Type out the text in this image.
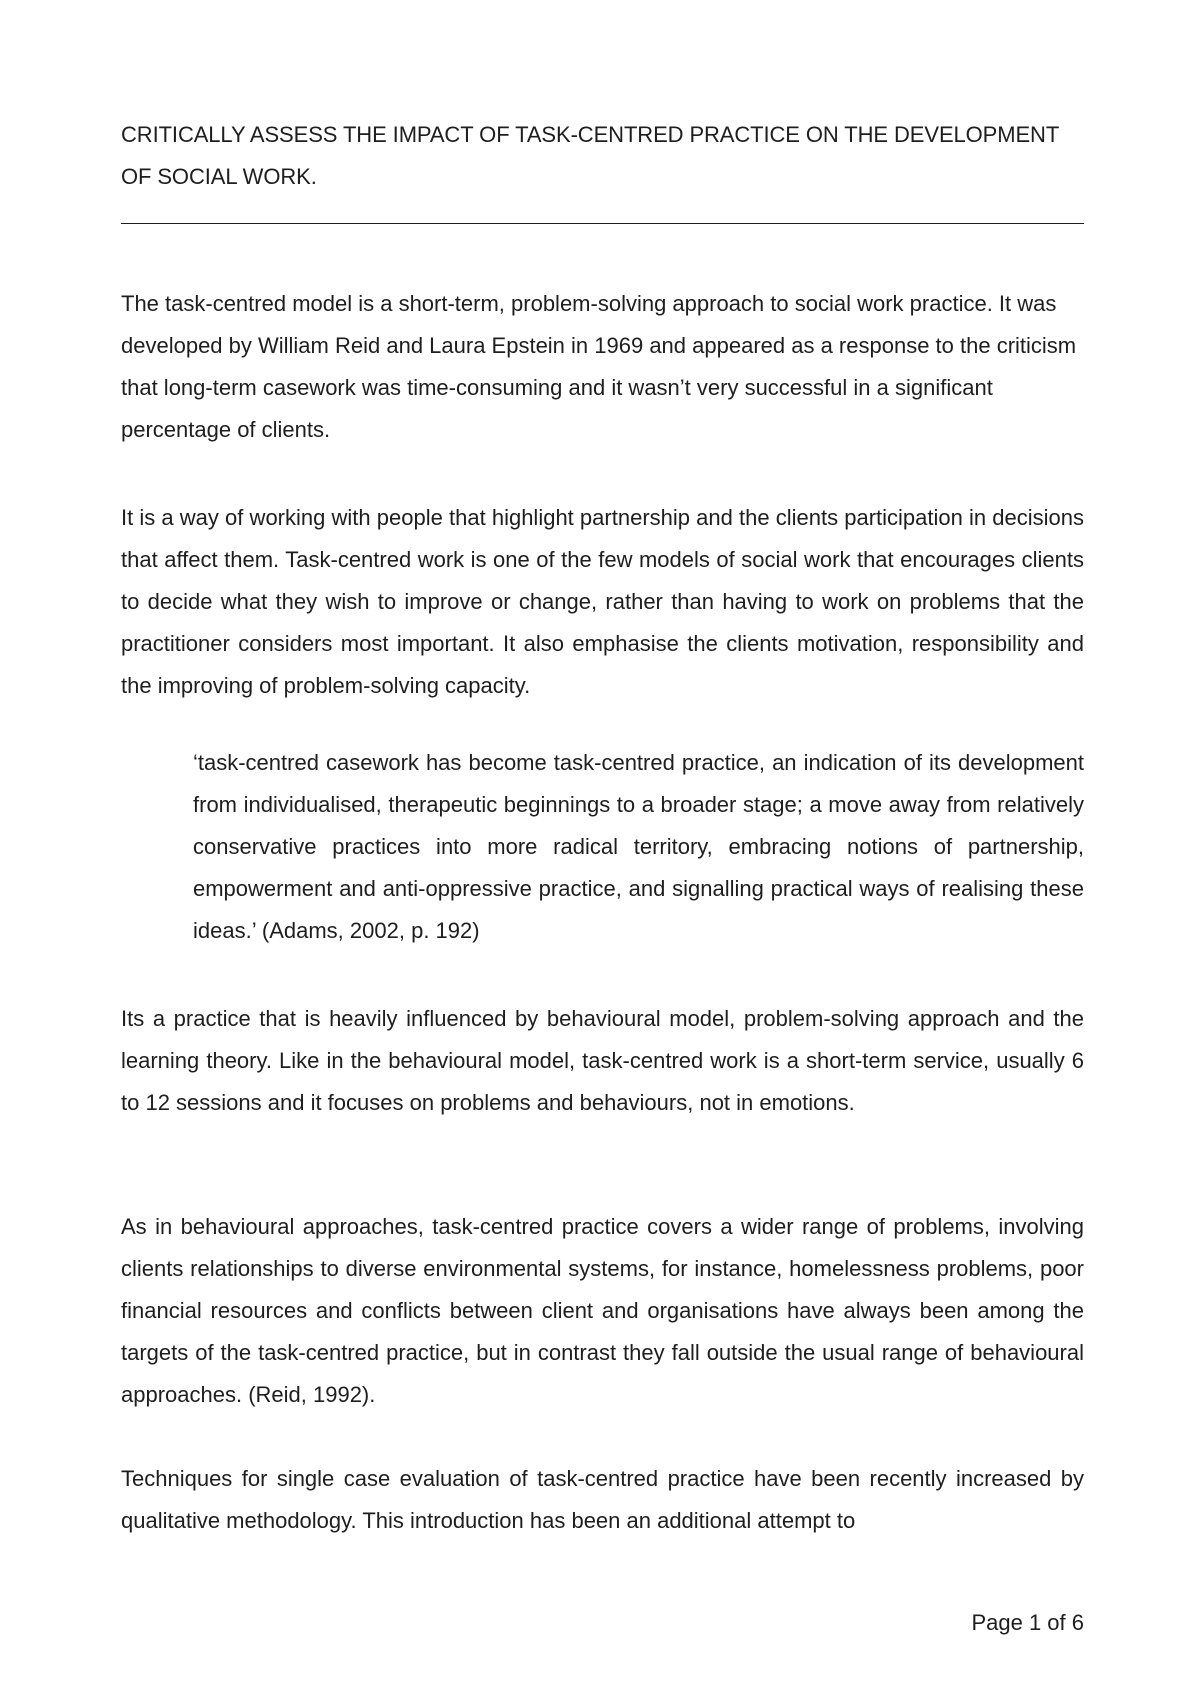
CRITICALLY ASSESS THE IMPACT OF TASK-CENTRED PRACTICE ON THE DEVELOPMENT OF SOCIAL WORK.

The task-centred model is a short-term, problem-solving approach to social work practice. It was developed by William Reid and Laura Epstein in 1969 and appeared as a response to the criticism that long-term casework was time-consuming and it wasn’t very successful in a significant percentage of clients.

It is a way of working with people that highlight partnership and the clients participation in decisions that affect them. Task-centred work is one of the few models of social work that encourages clients to decide what they wish to improve or change, rather than having to work on problems that the practitioner considers most important. It also emphasise the clients motivation, responsibility and the improving of problem-solving capacity.

‘task-centred casework has become task-centred practice, an indication of its development from individualised, therapeutic beginnings to a broader stage; a move away from relatively conservative practices into more radical territory, embracing notions of partnership, empowerment and anti-oppressive practice, and signalling practical ways of realising these ideas.’ (Adams, 2002, p. 192)

Its a practice that is heavily influenced by behavioural model, problem-solving approach and the learning theory. Like in the behavioural model, task-centred work is a short-term service, usually 6 to 12 sessions and it focuses on problems and behaviours, not in emotions.

As in behavioural approaches, task-centred practice covers a wider range of problems, involving clients relationships to diverse environmental systems, for instance, homelessness problems, poor financial resources and conflicts between client and organisations have always been among the targets of the task-centred practice, but in contrast they fall outside the usual range of behavioural approaches. (Reid, 1992).

Techniques for single case evaluation of task-centred practice have been recently increased by qualitative methodology. This introduction has been an additional attempt to

Page 1 of 6
